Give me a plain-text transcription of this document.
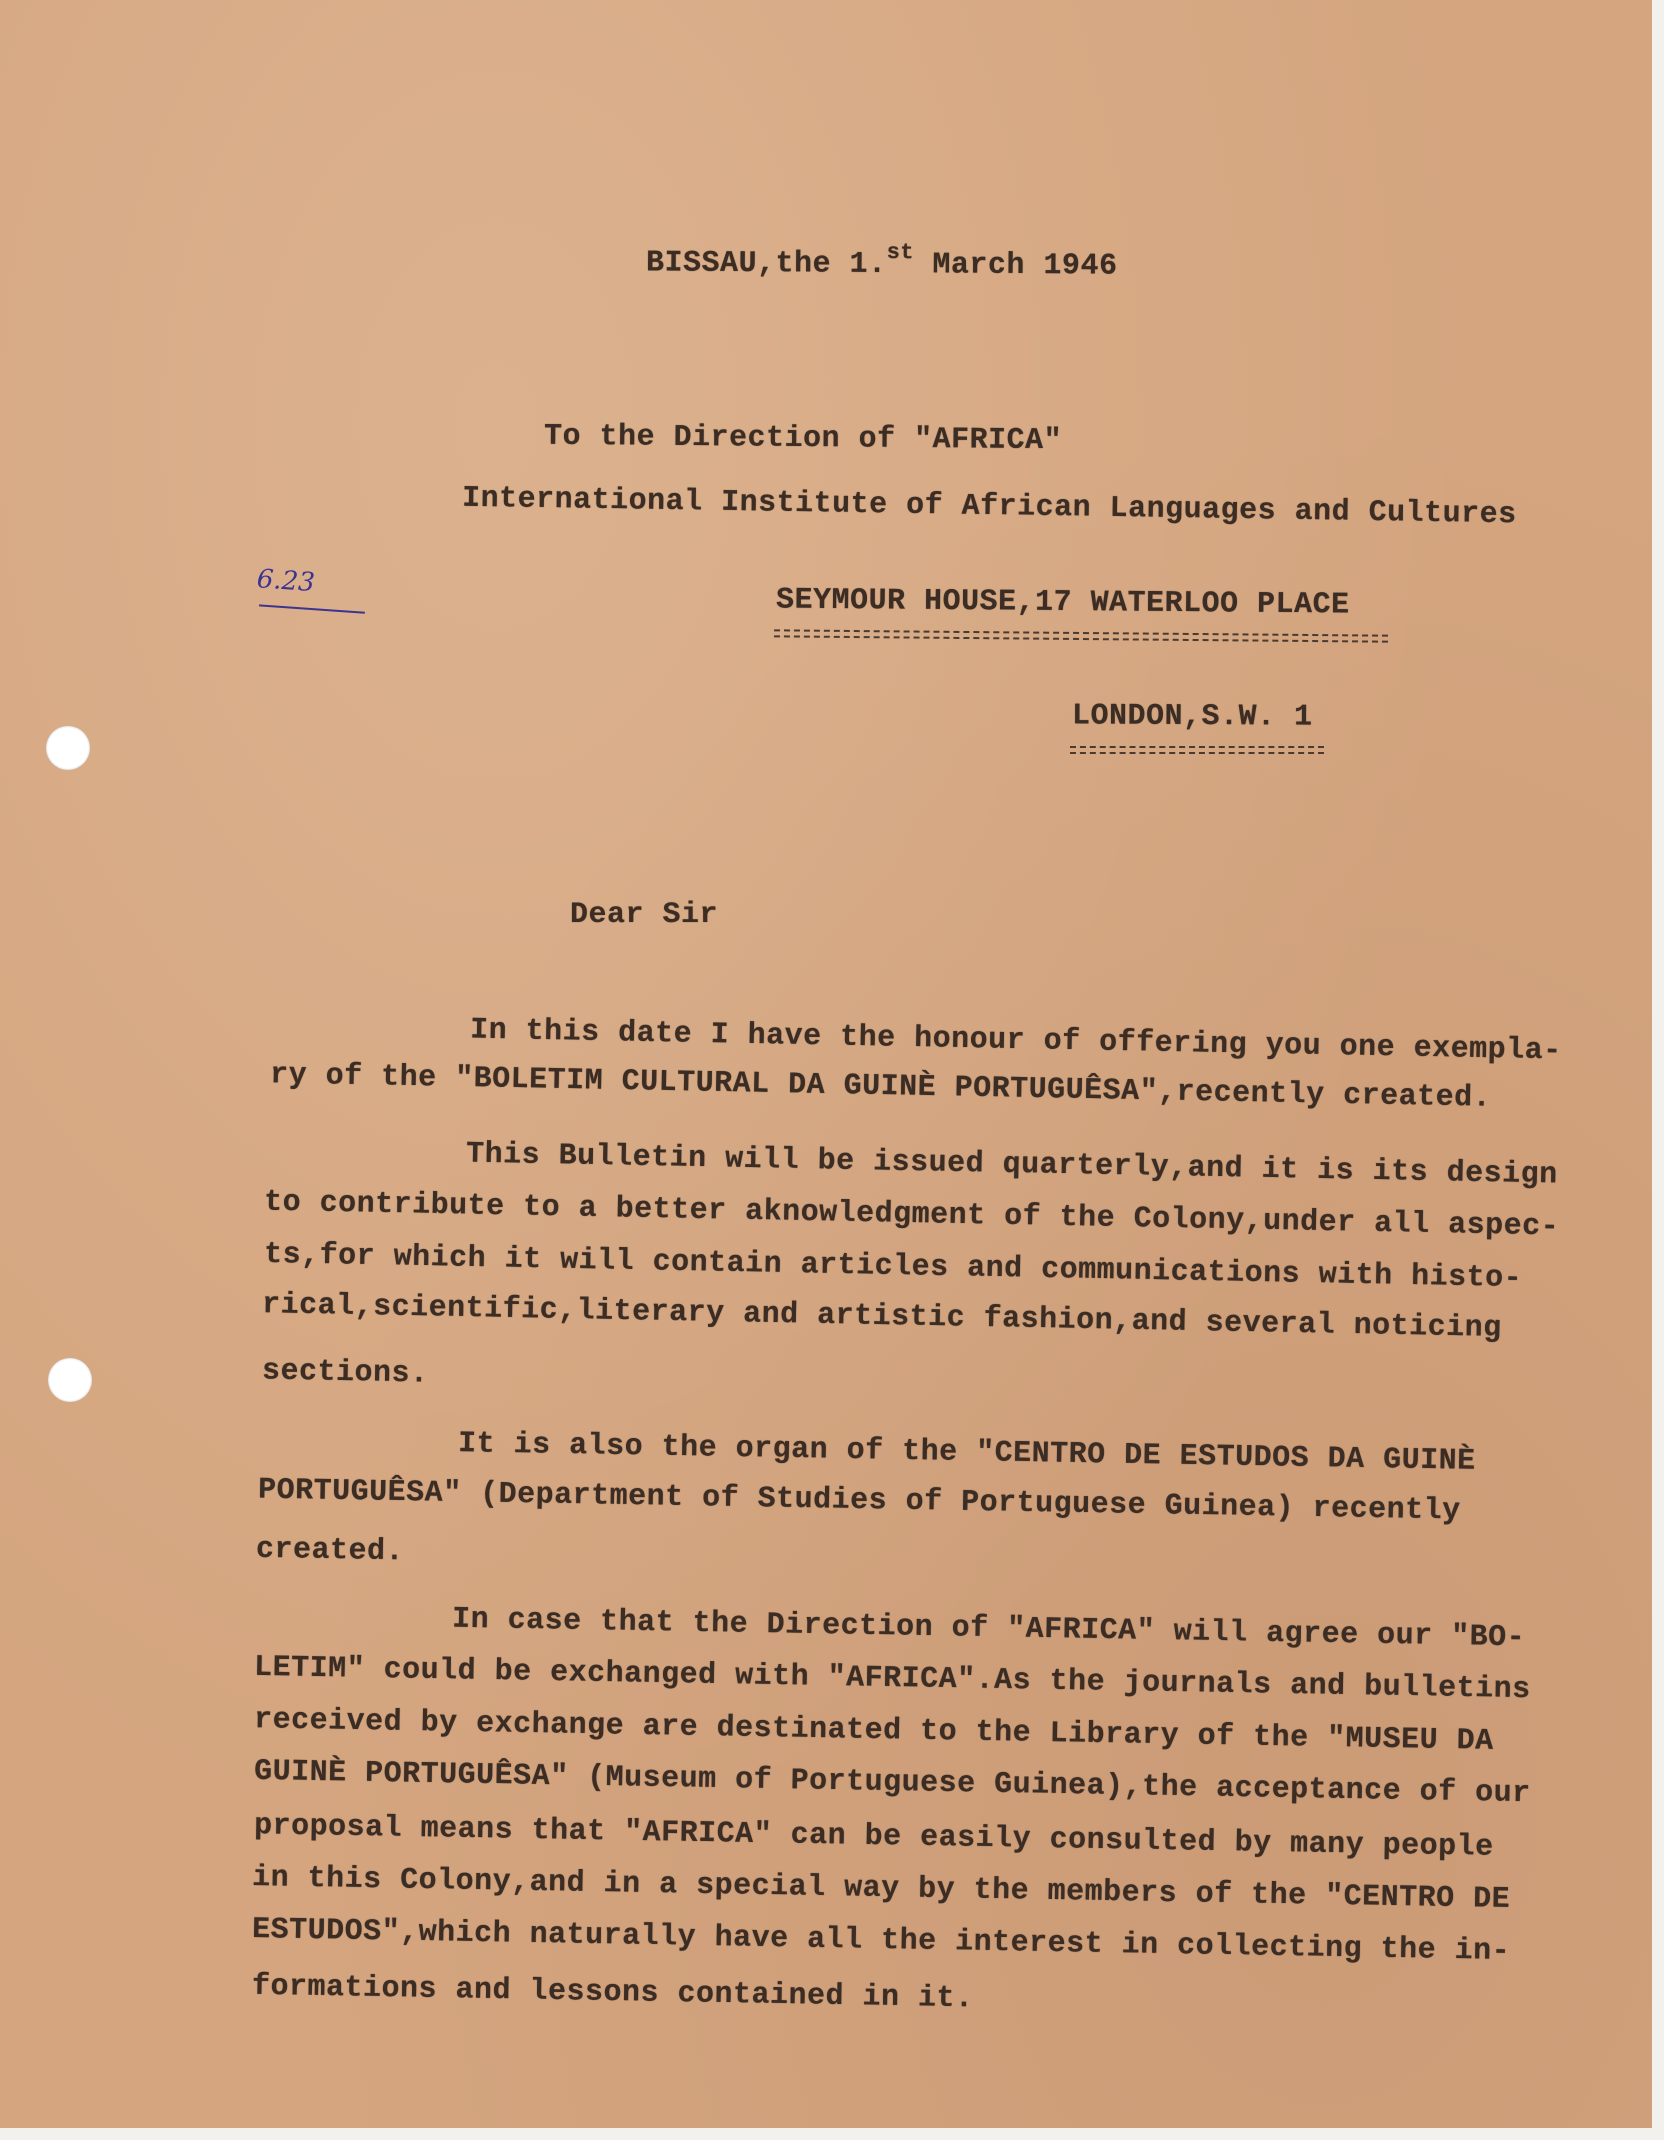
BISSAU,the 1.$^{st}$ March 1946
To the Direction of "AFRICA"
International Institute of African Languages and Cultures
6.23
SEYMOUR HOUSE,17 WATERLOO PLACE
LONDON,S.W. 1
Dear Sir
In this date I have the honour of offering you one exempla-
ry of the "BOLETIM CULTURAL DA GUINÈ PORTUGUÊSA",recently created.
This Bulletin will be issued quarterly,and it is its design
to contribute to a better aknowledgment of the Colony,under all aspec-
ts,for which it will contain articles and communications with histo-
rical,scientific,literary and artistic fashion,and several noticing
sections.
It is also the organ of the "CENTRO DE ESTUDOS DA GUINÈ
PORTUGUÊSA" (Department of Studies of Portuguese Guinea) recently
created.
In case that the Direction of "AFRICA" will agree our "BO-
LETIM" could be exchanged with "AFRICA".As the journals and bulletins
received by exchange are destinated to the Library of the "MUSEU DA
GUINÈ PORTUGUÊSA" (Museum of Portuguese Guinea),the acceptance of our
proposal means that "AFRICA" can be easily consulted by many people
in this Colony,and in a special way by the members of the "CENTRO DE
ESTUDOS",which naturally have all the interest in collecting the in-
formations and lessons contained in it.
